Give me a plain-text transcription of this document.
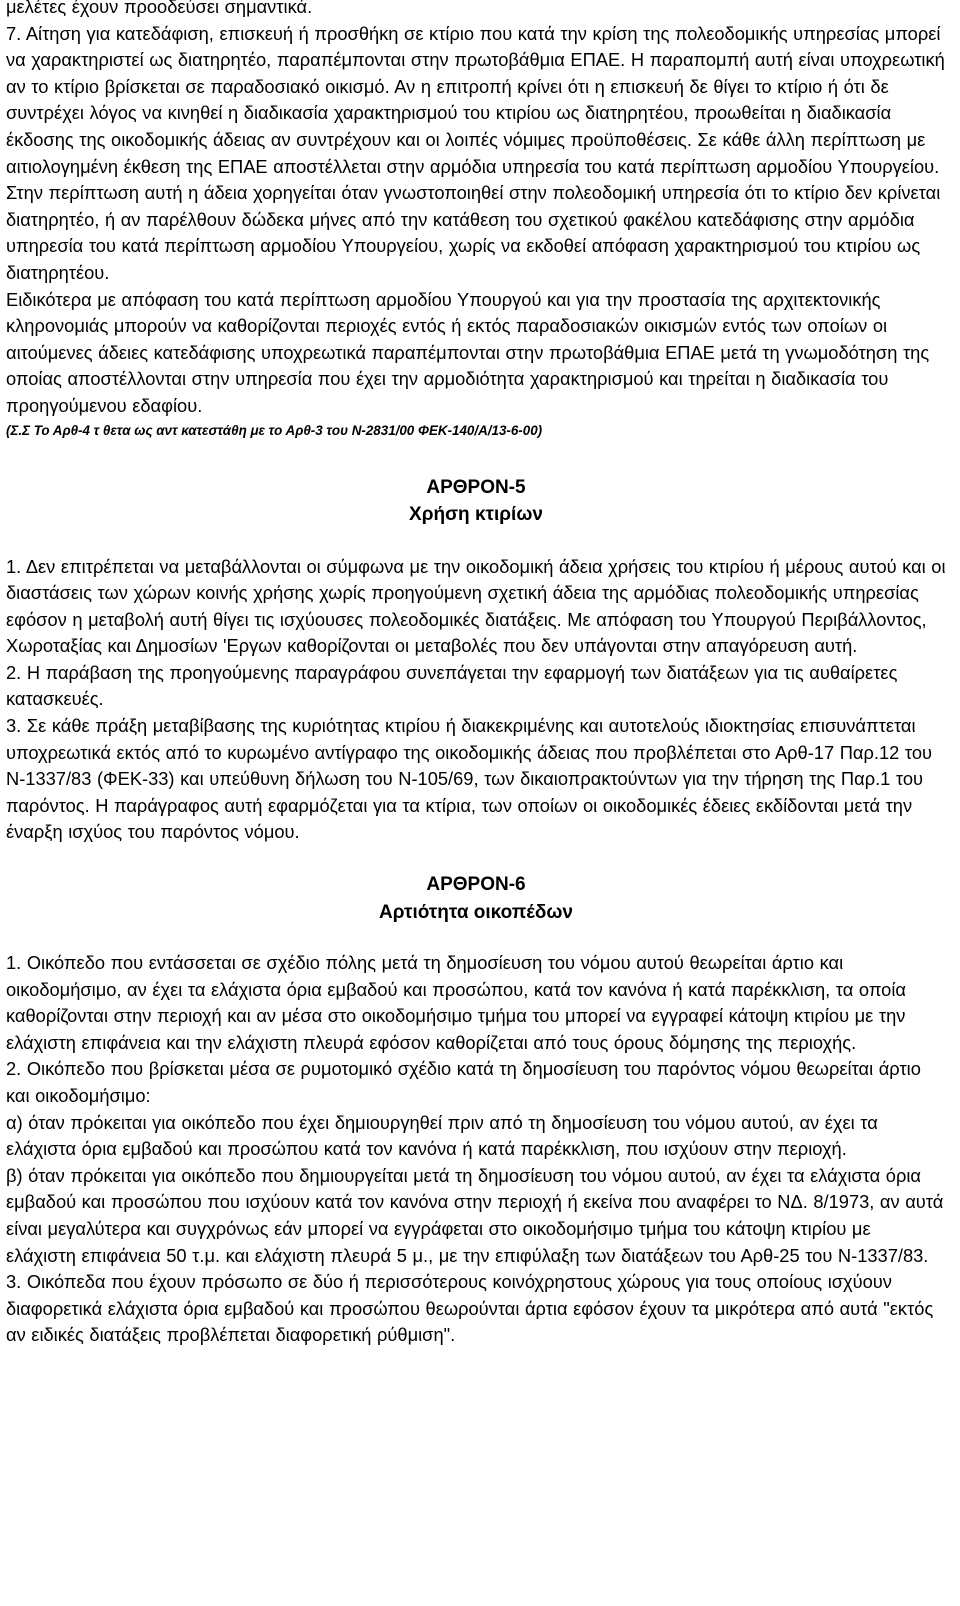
μελέτες έχουν προοδεύσει σημαντικά.

7. Αίτηση για κατεδάφιση, επισκευή ή προσθήκη σε κτίριο που κατά την κρίση της πολεοδομικής υπηρεσίας μπορεί να χαρακτηριστεί ως διατηρητέο, παραπέμπονται στην πρωτοβάθμια ΕΠΑΕ. Η παραπομπή αυτή είναι υποχρεωτική αν το κτίριο βρίσκεται σε παραδοσιακό οικισμό. Αν η επιτροπή κρίνει ότι η επισκευή δε θίγει το κτίριο ή ότι δε συντρέχει λόγος να κινηθεί η διαδικασία χαρακτηρισμού του κτιρίου ως διατηρητέου, προωθείται η διαδικασία έκδοσης της οικοδομικής άδειας αν συντρέχουν και οι λοιπές νόμιμες προϋποθέσεις. Σε κάθε άλλη περίπτωση με αιτιολογημένη έκθεση της ΕΠΑΕ αποστέλλεται στην αρμόδια υπηρεσία του κατά περίπτωση αρμοδίου Υπουργείου.

Στην περίπτωση αυτή η άδεια χορηγείται όταν γνωστοποιηθεί στην πολεοδομική υπηρεσία ότι το κτίριο δεν κρίνεται διατηρητέο, ή αν παρέλθουν δώδεκα μήνες από την κατάθεση του σχετικού φακέλου κατεδάφισης στην αρμόδια υπηρεσία του κατά περίπτωση αρμοδίου Υπουργείου, χωρίς να εκδοθεί απόφαση χαρακτηρισμού του κτιρίου ως διατηρητέου.

Ειδικότερα με απόφαση του κατά περίπτωση αρμοδίου Υπουργού και για την προστασία της αρχιτεκτονικής κληρονομιάς μπορούν να καθορίζονται περιοχές εντός ή εκτός παραδοσιακών οικισμών εντός των οποίων οι αιτούμενες άδειες κατεδάφισης υποχρεωτικά παραπέμπονται στην πρωτοβάθμια ΕΠΑΕ μετά τη γνωμοδότηση της οποίας αποστέλλονται στην υπηρεσία που έχει την αρμοδιότητα χαρακτηρισμού και τηρείται η διαδικασία του προηγούμενου εδαφίου.

(Σ.Σ Το Αρθ-4 τ θετα ως αντ κατεστάθη με το Αρθ-3 του Ν-2831/00 ΦΕΚ-140/Α/13-6-00)

ΑΡΘΡΟΝ-5
Χρήση κτιρίων

1. Δεν επιτρέπεται να μεταβάλλονται οι σύμφωνα με την οικοδομική άδεια χρήσεις του κτιρίου ή μέρους αυτού και οι διαστάσεις των χώρων κοινής χρήσης χωρίς προηγούμενη σχετική άδεια της αρμόδιας πολεοδομικής υπηρεσίας εφόσον η μεταβολή αυτή θίγει τις ισχύουσες πολεοδομικές διατάξεις. Με απόφαση του Υπουργού Περιβάλλοντος, Χωροταξίας και Δημοσίων 'Εργων καθορίζονται οι μεταβολές που δεν υπάγονται στην απαγόρευση αυτή.

2. Η παράβαση της προηγούμενης παραγράφου συνεπάγεται την εφαρμογή των διατάξεων για τις αυθαίρετες κατασκευές.

3. Σε κάθε πράξη μεταβίβασης της κυριότητας κτιρίου ή διακεκριμένης και αυτοτελούς ιδιοκτησίας επισυνάπτεται υποχρεωτικά εκτός από το κυρωμένο αντίγραφο της οικοδομικής άδειας που προβλέπεται στο Αρθ-17 Παρ.12 του Ν-1337/83 (ΦΕΚ-33) και υπεύθυνη δήλωση του Ν-105/69, των δικαιοπρακτούντων για την τήρηση της Παρ.1 του παρόντος. Η παράγραφος αυτή εφαρμόζεται για τα κτίρια, των οποίων οι οικοδομικές έδειες εκδίδονται μετά την έναρξη ισχύος του παρόντος νόμου.

ΑΡΘΡΟΝ-6
Αρτιότητα οικοπέδων

1. Οικόπεδο που εντάσσεται σε σχέδιο πόλης μετά τη δημοσίευση του νόμου αυτού θεωρείται άρτιο και οικοδομήσιμο, αν έχει τα ελάχιστα όρια εμβαδού και προσώπου, κατά τον κανόνα ή κατά παρέκκλιση, τα οποία καθορίζονται στην περιοχή και αν μέσα στο οικοδομήσιμο τμήμα του μπορεί να εγγραφεί κάτοψη κτιρίου με την ελάχιστη επιφάνεια και την ελάχιστη πλευρά εφόσον καθορίζεται από τους όρους δόμησης της περιοχής.

2. Οικόπεδο που βρίσκεται μέσα σε ρυμοτομικό σχέδιο κατά τη δημοσίευση του παρόντος νόμου θεωρείται άρτιο και οικοδομήσιμο:

α) όταν πρόκειται για οικόπεδο που έχει δημιουργηθεί πριν από τη δημοσίευση του νόμου αυτού, αν έχει τα ελάχιστα όρια εμβαδού και προσώπου κατά τον κανόνα ή κατά παρέκκλιση, που ισχύουν στην περιοχή.

β) όταν πρόκειται για οικόπεδο που δημιουργείται μετά τη δημοσίευση του νόμου αυτού, αν έχει τα ελάχιστα όρια εμβαδού και προσώπου που ισχύουν κατά τον κανόνα στην περιοχή ή εκείνα που αναφέρει το ΝΔ. 8/1973, αν αυτά είναι μεγαλύτερα και συγχρόνως εάν μπορεί να εγγράφεται στο οικοδομήσιμο τμήμα του κάτοψη κτιρίου με ελάχιστη επιφάνεια 50 τ.μ. και ελάχιστη πλευρά 5 μ., με την επιφύλαξη των διατάξεων του Αρθ-25 του Ν-1337/83.

3. Οικόπεδα που έχουν πρόσωπο σε δύο ή περισσότερους κοινόχρηστους χώρους για τους οποίους ισχύουν διαφορετικά ελάχιστα όρια εμβαδού και προσώπου θεωρούνται άρτια εφόσον έχουν τα μικρότερα από αυτά "εκτός αν ειδικές διατάξεις προβλέπεται διαφορετική ρύθμιση".
